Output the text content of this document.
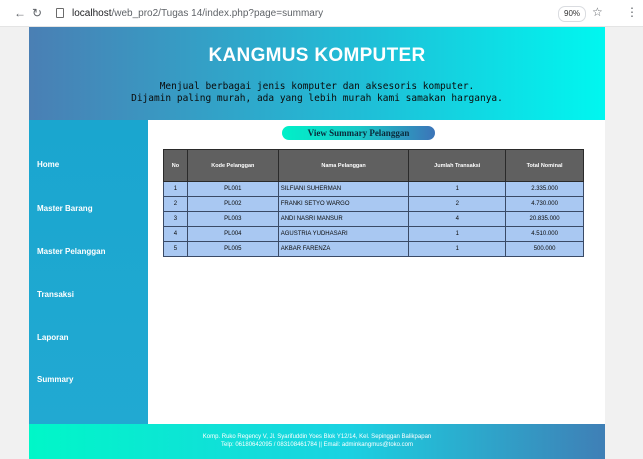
← ↻	localhost/web_pro2/Tugas 14/index.php?page=summary	90% ☆ ⋮
KANGMUS KOMPUTER
Menjual berbagai jenis komputer dan aksesoris komputer.
Dijamin paling murah, ada yang lebih murah kami samakan harganya.
Home
Master Barang
Master Pelanggan
Transaksi
Laporan
Summary
View Summary Pelanggan
No	Kode Pelanggan	Nama Pelanggan	Jumlah Transaksi	Total Nominal
1	PL001	SILFIANI SUHERMAN	1	2.335.000
2	PL002	FRANKI SETYO WARGO	2	4.730.000
3	PL003	ANDI NASRI MANSUR	4	20.835.000
4	PL004	AGUSTRIA YUDHASARI	1	4.510.000
5	PL005	AKBAR FARENZA	1	500.000
Komp. Ruko Regency V, Jl. Syarifuddin Yoes Blok Y12/14, Kel. Sepinggan Balikpapan
Telp: 06180642095 / 083108461784 || Email: adminkangmus@toko.com
